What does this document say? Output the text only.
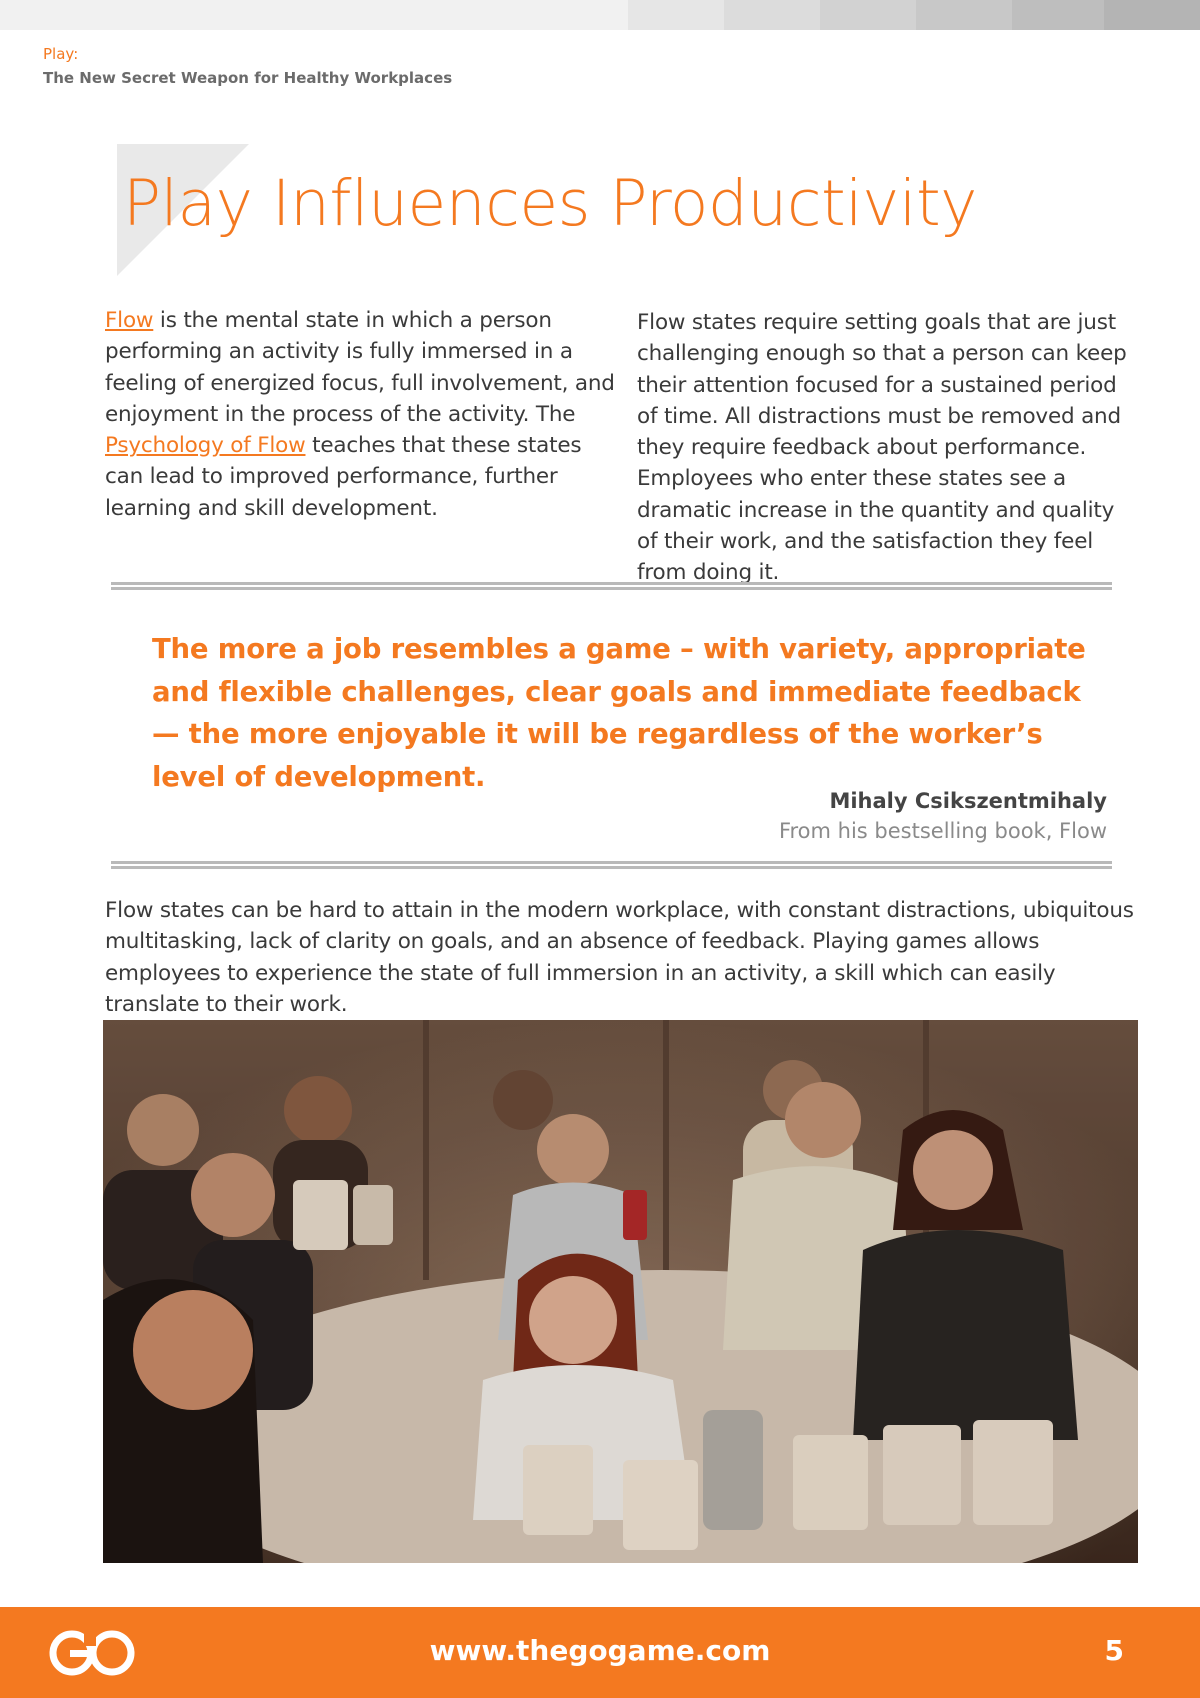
Play:
The New Secret Weapon for Healthy Workplaces
Play Influences Productivity
Flow is the mental state in which a person performing an activity is fully immersed in a feeling of energized focus, full involvement, and enjoyment in the process of the activity. The Psychology of Flow teaches that these states can lead to improved performance, further learning and skill development.
Flow states require setting goals that are just challenging enough so that a person can keep their attention focused for a sustained period of time. All distractions must be removed and they require feedback about performance. Employees who enter these states see a dramatic increase in the quantity and quality of their work, and the satisfaction they feel from doing it.
The more a job resembles a game – with variety, appropriate and flexible challenges, clear goals and immediate feedback — the more enjoyable it will be regardless of the worker’s level of development.
Mihaly Csikszentmihaly
From his bestselling book, Flow
Flow states can be hard to attain in the modern workplace, with constant distractions, ubiquitous multitasking, lack of clarity on goals, and an absence of feedback. Playing games allows employees to experience the state of full immersion in an activity, a skill which can easily translate to their work.
www.thegogame.com	5
